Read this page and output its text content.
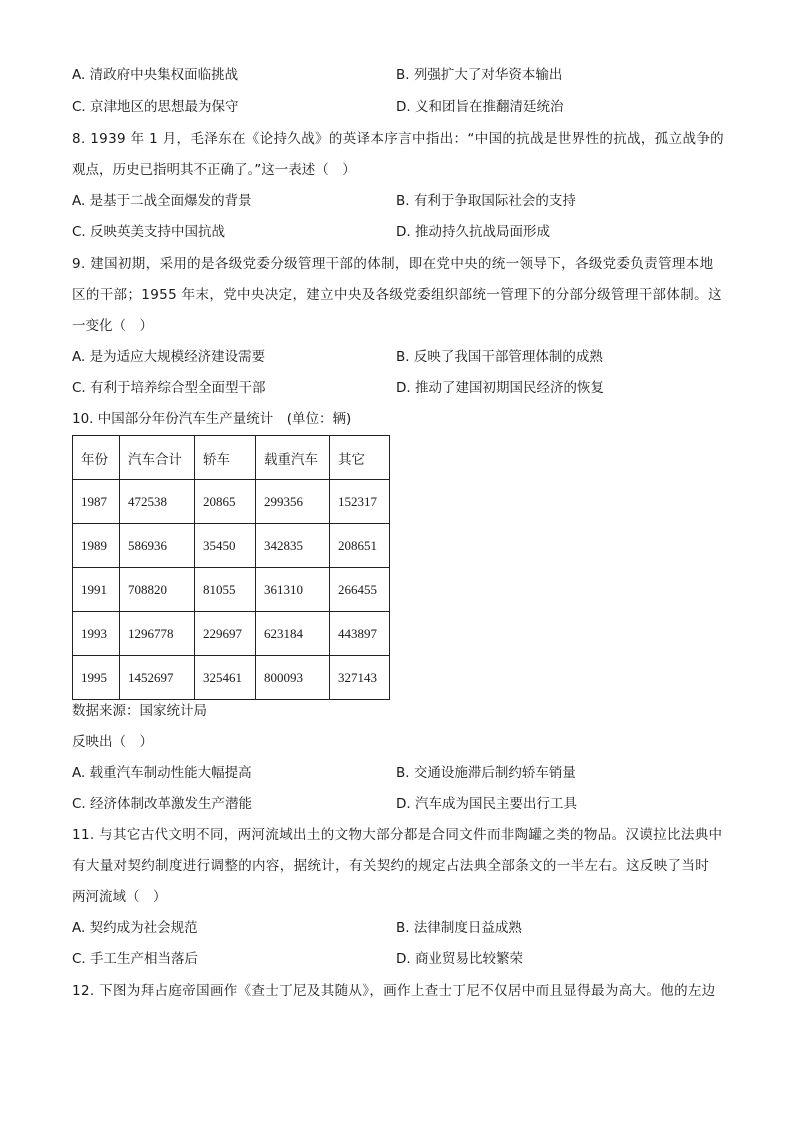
A. 清政府中央集权面临挑战	B. 列强扩大了对华资本输出
C. 京津地区的思想最为保守	D. 义和团旨在推翻清廷统治
8. 1939 年 1 月，毛泽东在《论持久战》的英译本序言中指出：“中国的抗战是世界性的抗战，孤立战争的
观点，历史已指明其不正确了。”这一表述（　）
A. 是基于二战全面爆发的背景	B. 有利于争取国际社会的支持
C. 反映英美支持中国抗战	D. 推动持久抗战局面形成
9. 建国初期，采用的是各级党委分级管理干部的体制，即在党中央的统一领导下，各级党委负责管理本地
区的干部；1955 年末，党中央决定，建立中央及各级党委组织部统一管理下的分部分级管理干部体制。这
一变化（　）
A. 是为适应大规模经济建设需要	B. 反映了我国干部管理体制的成熟
C. 有利于培养综合型全面型干部	D. 推动了建国初期国民经济的恢复
10. 中国部分年份汽车生产量统计　(单位：辆)
年份	汽车合计	轿车	载重汽车	其它
1987	472538	20865	299356	152317
1989	586936	35450	342835	208651
1991	708820	81055	361310	266455
1993	1296778	229697	623184	443897
1995	1452697	325461	800093	327143
数据来源：国家统计局
反映出（　）
A. 载重汽车制动性能大幅提高	B. 交通设施滞后制约轿车销量
C. 经济体制改革激发生产潜能	D. 汽车成为国民主要出行工具
11. 与其它古代文明不同，两河流域出土的文物大部分都是合同文件而非陶罐之类的物品。汉谟拉比法典中
有大量对契约制度进行调整的内容，据统计，有关契约的规定占法典全部条文的一半左右。这反映了当时
两河流域（　）
A. 契约成为社会规范	B. 法律制度日益成熟
C. 手工生产相当落后	D. 商业贸易比较繁荣
12. 下图为拜占庭帝国画作《查士丁尼及其随从》，画作上查士丁尼不仅居中而且显得最为高大。他的左边
